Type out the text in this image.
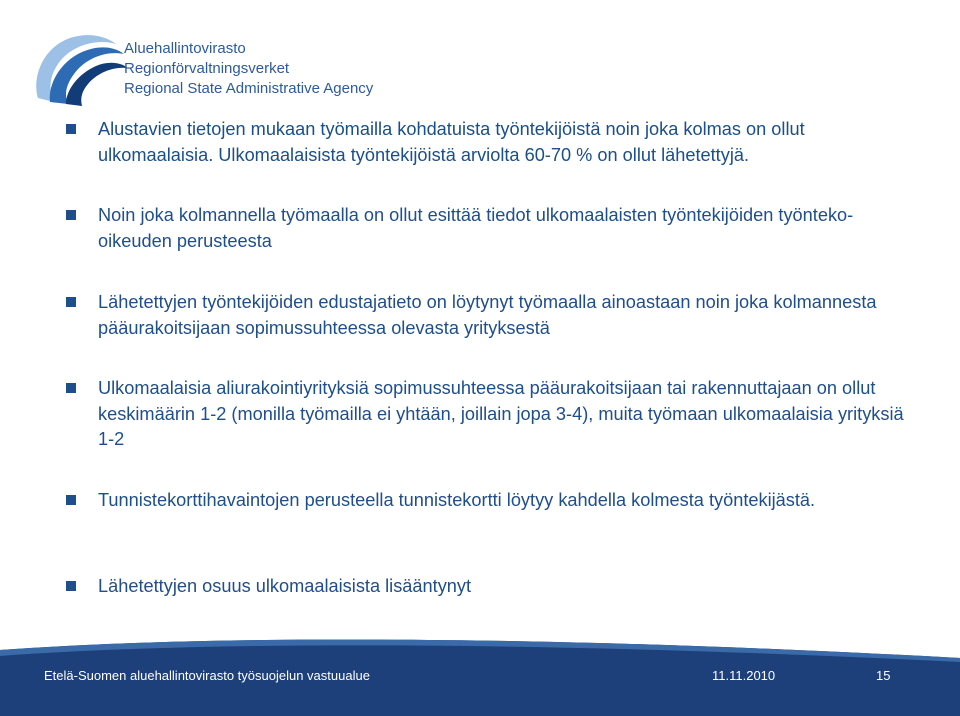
Aluehallintovirasto
Regionförvaltningsverket
Regional State Administrative Agency
Alustavien tietojen mukaan työmailla kohdatuista työntekijöistä noin joka kolmas on ollut ulkomaalaisia. Ulkomaalaisista työntekijöistä arviolta 60-70 % on ollut lähetettyjä.
Noin joka kolmannella työmaalla on ollut esittää tiedot ulkomaalaisten työntekijöiden työnteko-oikeuden perusteesta
Lähetettyjen työntekijöiden edustajatieto on löytynyt työmaalla ainoastaan noin joka kolmannesta pääurakoitsijaan sopimussuhteessa olevasta yrityksestä
Ulkomaalaisia aliurakointiyrityksiä sopimussuhteessa pääurakoitsijaan tai rakennuttajaan on ollut keskimäärin 1-2 (monilla työmailla ei yhtään, joillain jopa 3-4), muita työmaan ulkomaalaisia yrityksiä 1-2
Tunnistekorttihavaintojen perusteella tunnistekortti löytyy kahdella kolmesta työntekijästä.
Lähetettyjen osuus ulkomaalaisista lisääntynyt
Etelä-Suomen aluehallintovirasto työsuojelun vastuualue	11.11.2010	15
